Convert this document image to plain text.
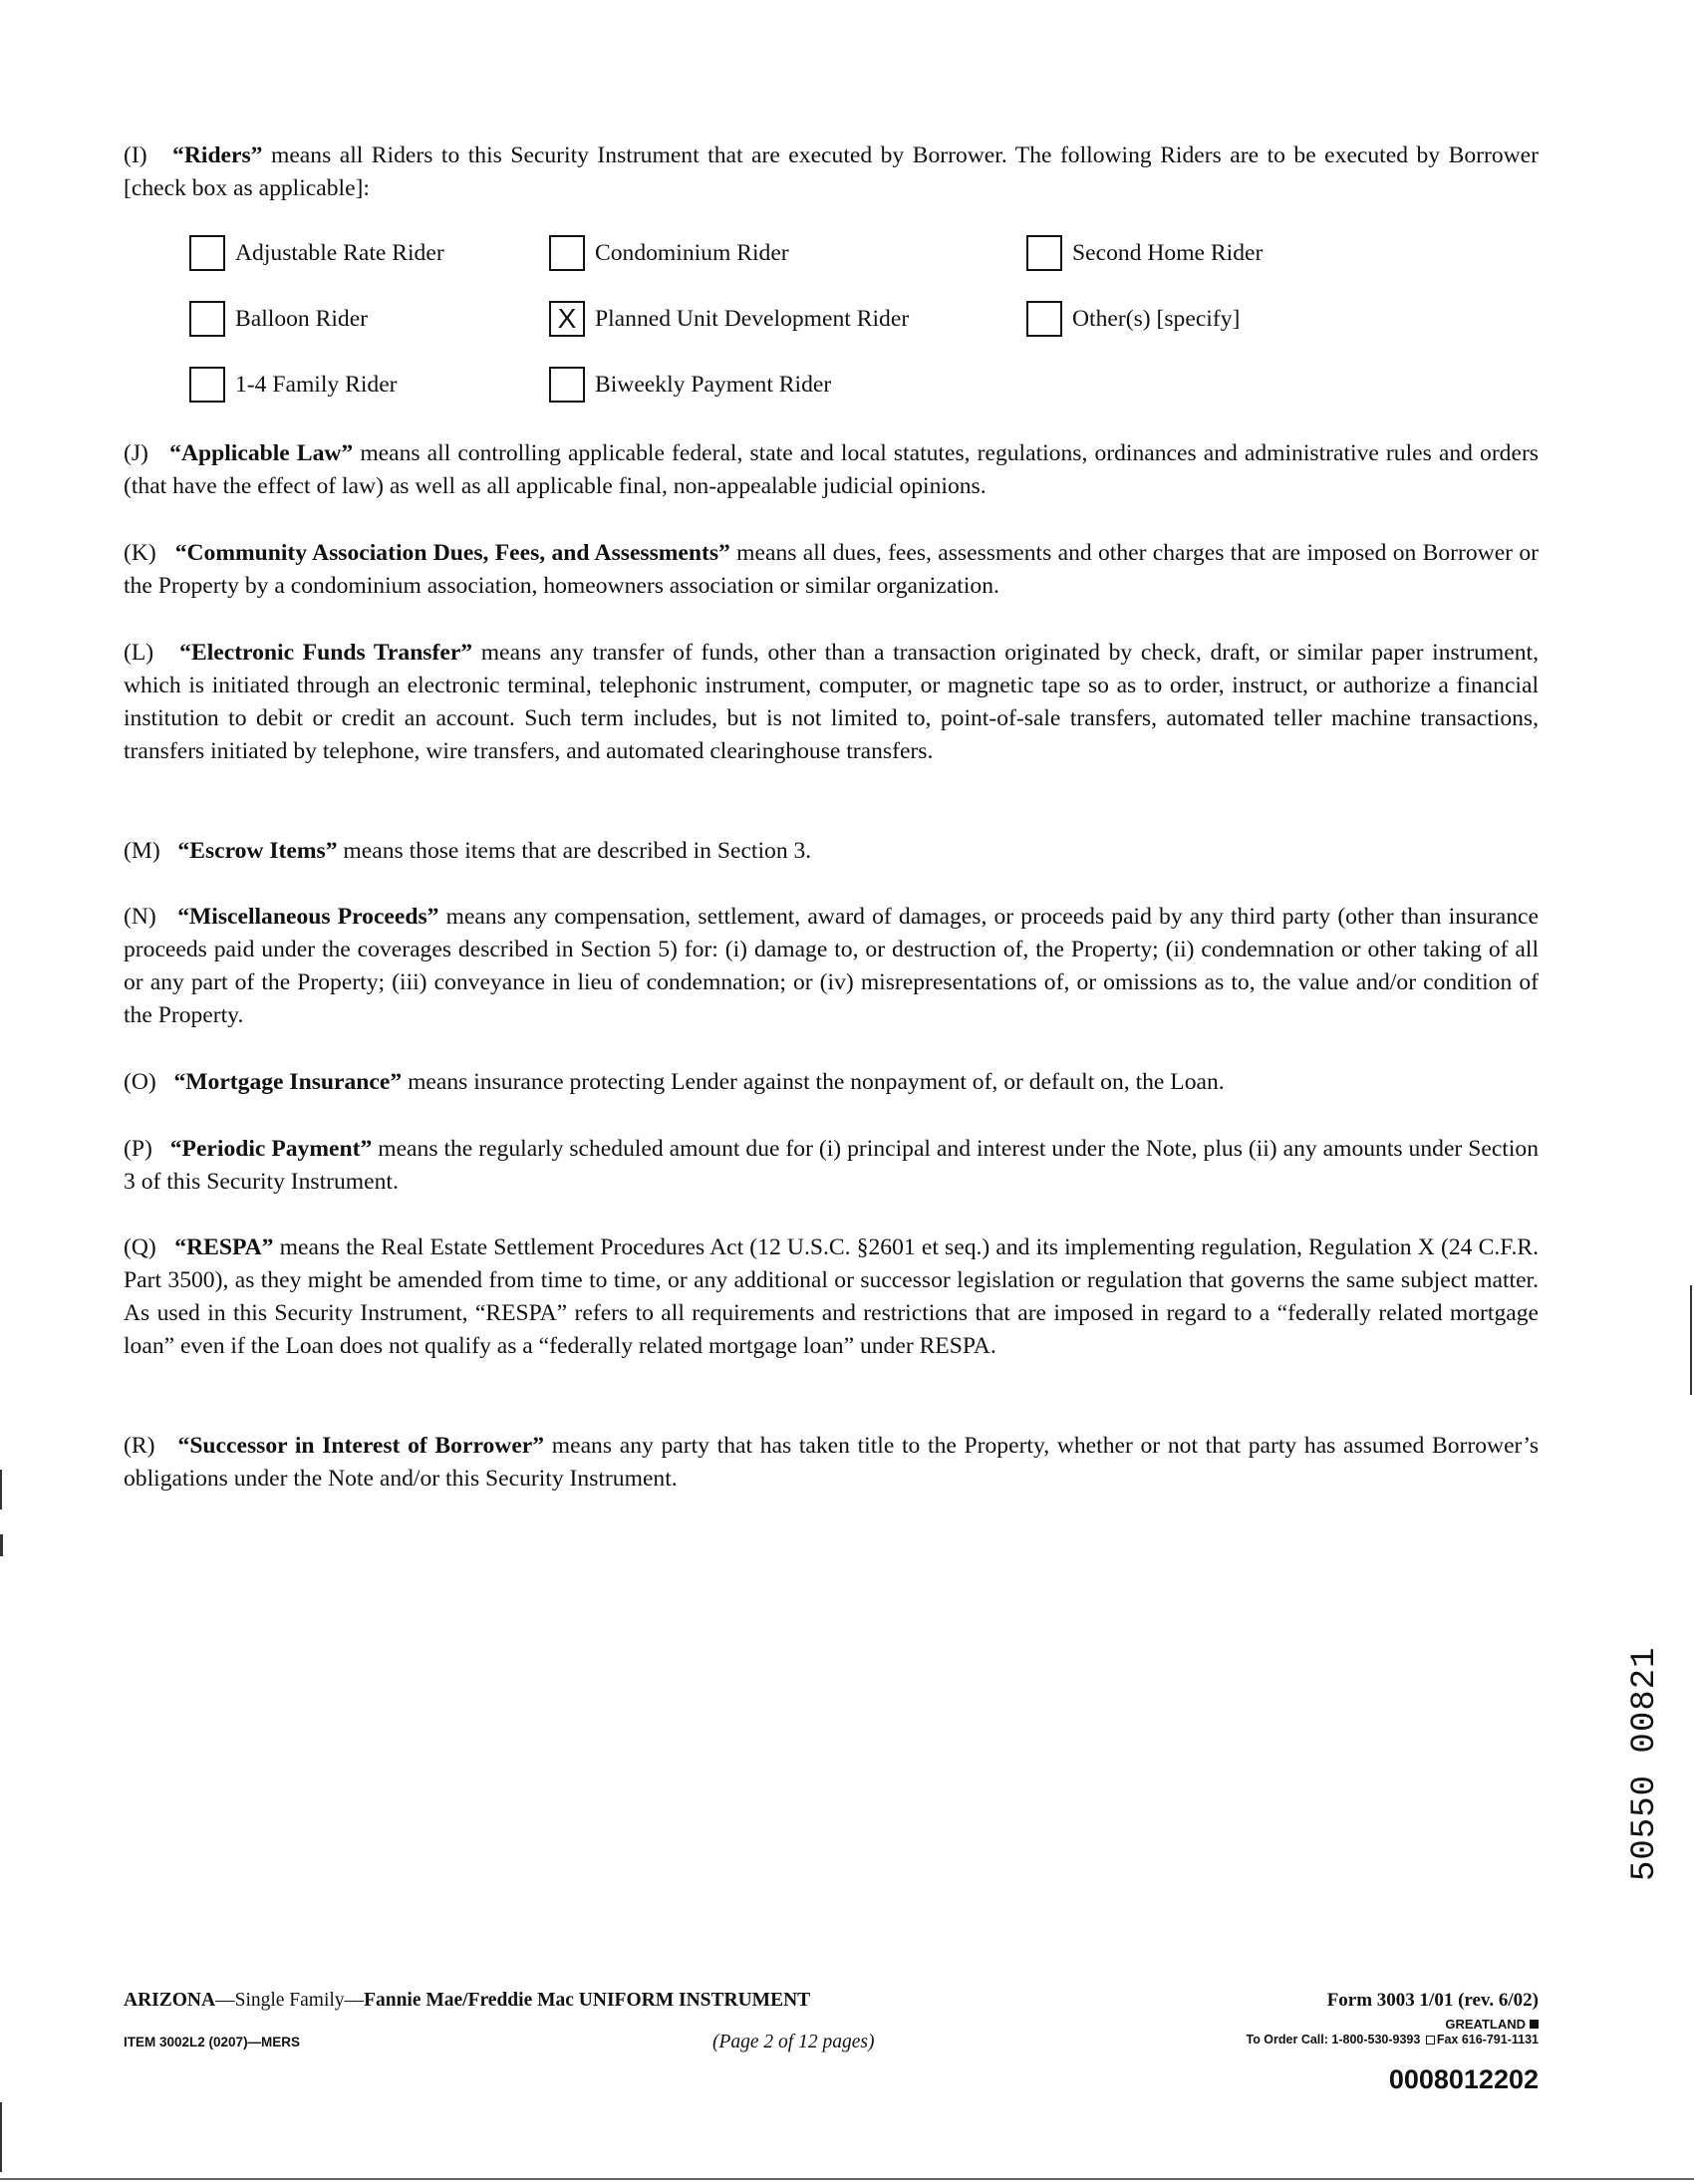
(I) “Riders” means all Riders to this Security Instrument that are executed by Borrower. The following Riders are to be executed by Borrower [check box as applicable]:
Adjustable Rate Rider	Condominium Rider	Second Home Rider
Balloon Rider	X Planned Unit Development Rider	Other(s) [specify]
1-4 Family Rider	Biweekly Payment Rider
(J) “Applicable Law” means all controlling applicable federal, state and local statutes, regulations, ordinances and administrative rules and orders (that have the effect of law) as well as all applicable final, non-appealable judicial opinions.
(K) “Community Association Dues, Fees, and Assessments” means all dues, fees, assessments and other charges that are imposed on Borrower or the Property by a condominium association, homeowners association or similar organization.
(L) “Electronic Funds Transfer” means any transfer of funds, other than a transaction originated by check, draft, or similar paper instrument, which is initiated through an electronic terminal, telephonic instrument, computer, or magnetic tape so as to order, instruct, or authorize a financial institution to debit or credit an account. Such term includes, but is not limited to, point-of-sale transfers, automated teller machine transactions, transfers initiated by telephone, wire transfers, and automated clearinghouse transfers.
(M) “Escrow Items” means those items that are described in Section 3.
(N) “Miscellaneous Proceeds” means any compensation, settlement, award of damages, or proceeds paid by any third party (other than insurance proceeds paid under the coverages described in Section 5) for: (i) damage to, or destruction of, the Property; (ii) condemnation or other taking of all or any part of the Property; (iii) conveyance in lieu of condemnation; or (iv) misrepresentations of, or omissions as to, the value and/or condition of the Property.
(O) “Mortgage Insurance” means insurance protecting Lender against the nonpayment of, or default on, the Loan.
(P) “Periodic Payment” means the regularly scheduled amount due for (i) principal and interest under the Note, plus (ii) any amounts under Section 3 of this Security Instrument.
(Q) “RESPA” means the Real Estate Settlement Procedures Act (12 U.S.C. §2601 et seq.) and its implementing regulation, Regulation X (24 C.F.R. Part 3500), as they might be amended from time to time, or any additional or successor legislation or regulation that governs the same subject matter. As used in this Security Instrument, “RESPA” refers to all requirements and restrictions that are imposed in regard to a “federally related mortgage loan” even if the Loan does not qualify as a “federally related mortgage loan” under RESPA.
(R) “Successor in Interest of Borrower” means any party that has taken title to the Property, whether or not that party has assumed Borrower’s obligations under the Note and/or this Security Instrument.
50550 00821
ARIZONA—Single Family—Fannie Mae/Freddie Mac UNIFORM INSTRUMENT
ITEM 3002L2 (0207)—MERS	(Page 2 of 12 pages)
Form 3003 1/01 (rev. 6/02)
GREATLAND
To Order Call: 1-800-530-9393 Fax 616-791-1131
0008012202
